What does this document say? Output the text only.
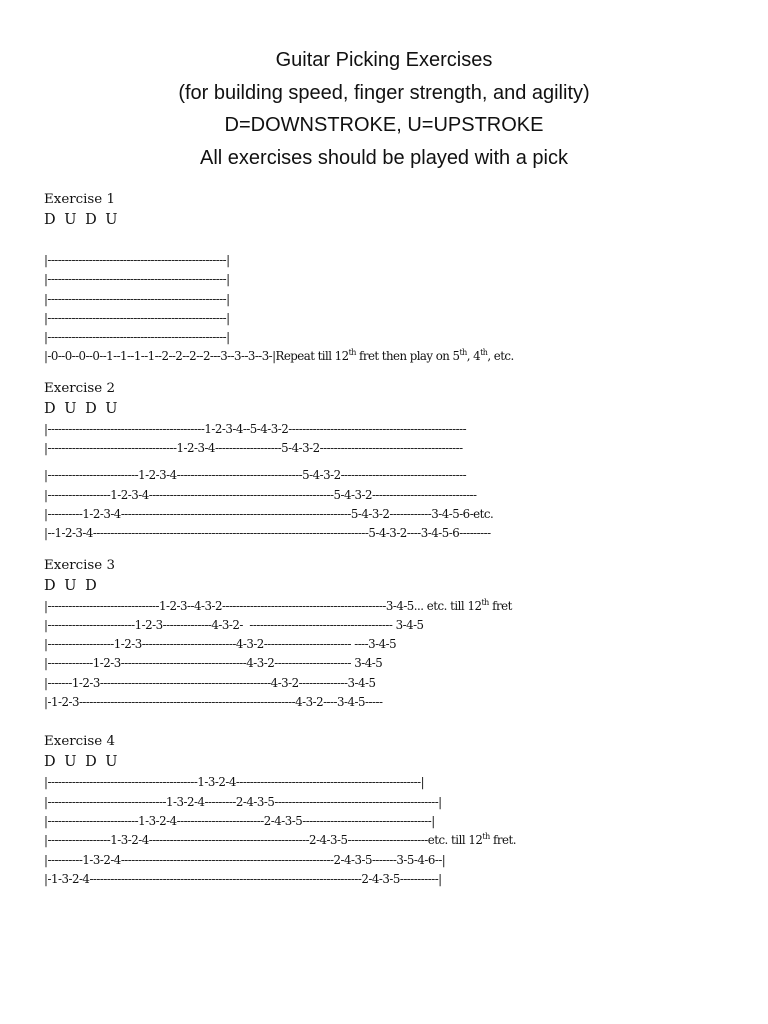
Guitar Picking Exercises
(for building speed, finger strength, and agility)
D=DOWNSTROKE, U=UPSTROKE
All exercises should be played with a pick
Exercise 1
D U D U
|----------------------------------------------------|
|----------------------------------------------------|
|----------------------------------------------------|
|----------------------------------------------------|
|----------------------------------------------------|
|-0--0--0--0--1--1--1--1--2--2--2--2---3--3--3--3-|Repeat till 12th fret then play on 5th, 4th, etc.
Exercise 2
D U D U
|---------------------------------------------1-2-3-4--5-4-3-2---------------------------------------------------
|-------------------------------------1-2-3-4-------------------5-4-3-2-----------------------------------------
|--------------------------1-2-3-4------------------------------------5-4-3-2------------------------------------
|------------------1-2-3-4-----------------------------------------------------5-4-3-2------------------------------
|----------1-2-3-4------------------------------------------------------------------5-4-3-2------------3-4-5-6-etc.
|--1-2-3-4-------------------------------------------------------------------------------5-4-3-2----3-4-5-6---------
Exercise 3
D U D
|--------------------------------1-2-3--4-3-2-----------------------------------------------3-4-5... etc. till 12th fret
|-------------------------1-2-3--------------4-3-2-  ----------------------------------------- 3-4-5
|-------------------1-2-3---------------------------4-3-2------------------------- ----3-4-5
|-------------1-2-3------------------------------------4-3-2---------------------- 3-4-5
|-------1-2-3-------------------------------------------------4-3-2--------------3-4-5
|-1-2-3--------------------------------------------------------------4-3-2----3-4-5-----
Exercise 4
D U D U
|-------------------------------------------1-3-2-4-----------------------------------------------------|
|----------------------------------1-3-2-4---------2-4-3-5-----------------------------------------------|
|--------------------------1-3-2-4-------------------------2-4-3-5-------------------------------------|
|------------------1-3-2-4----------------------------------------------2-4-3-5-----------------------etc. till 12th fret.
|----------1-3-2-4-------------------------------------------------------------2-4-3-5-------3-5-4-6--|
|-1-3-2-4------------------------------------------------------------------------------2-4-3-5-----------|
